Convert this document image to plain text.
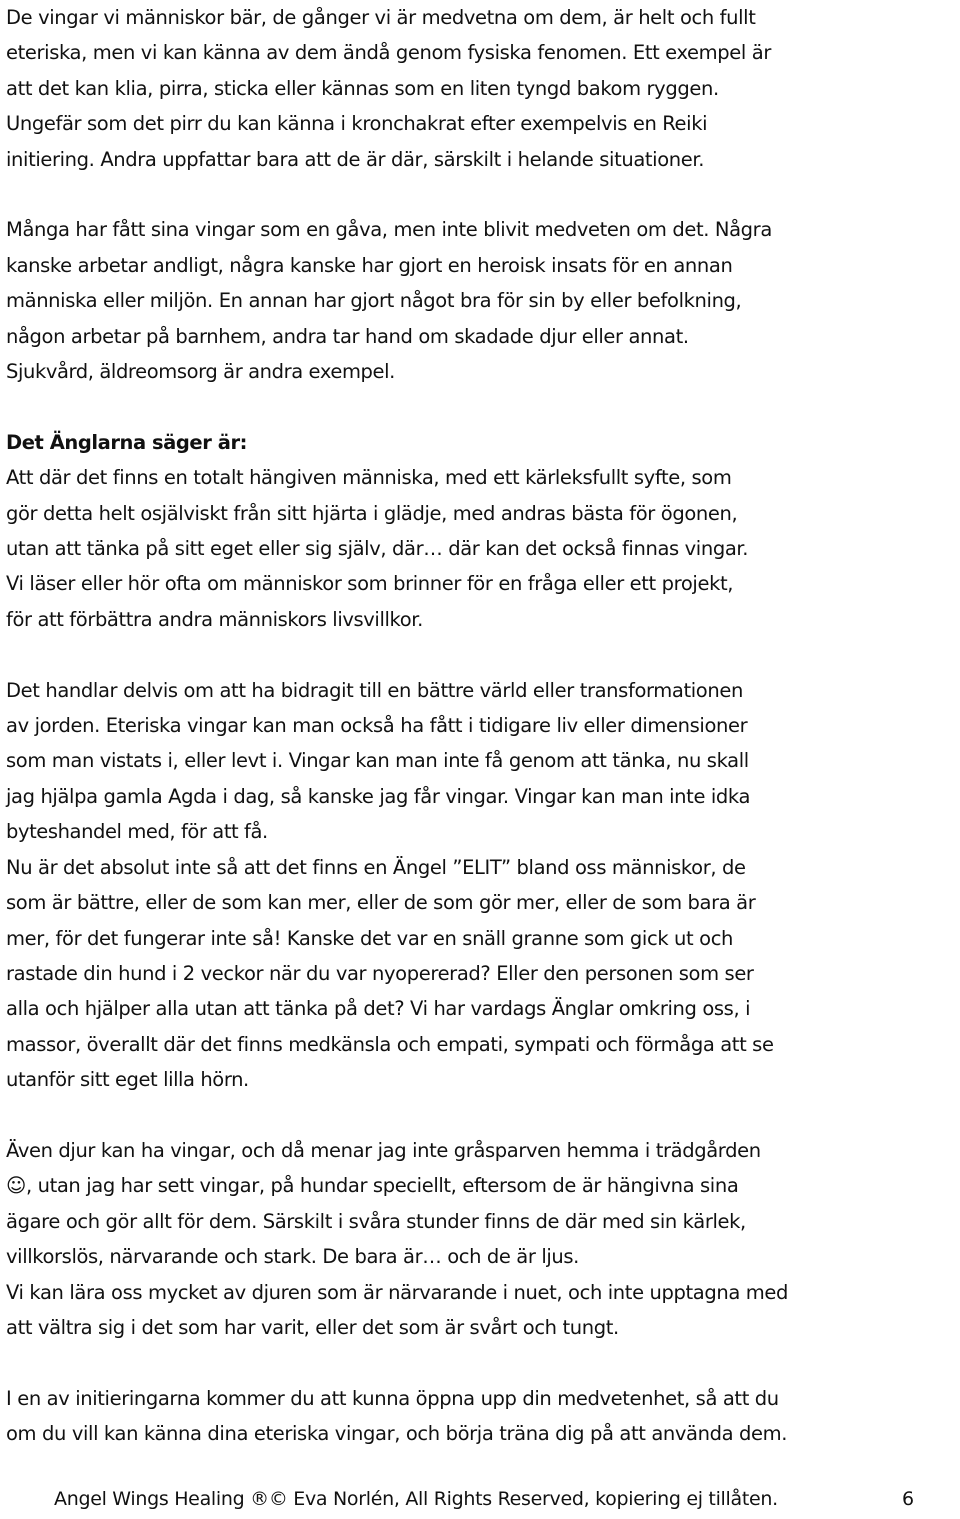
De vingar vi människor bär, de gånger vi är medvetna om dem, är helt och fullt
eteriska, men vi kan känna av dem ändå genom fysiska fenomen. Ett exempel är
att det kan klia, pirra, sticka eller kännas som en liten tyngd bakom ryggen.
Ungefär som det pirr du kan känna i kronchakrat efter exempelvis en Reiki
initiering. Andra uppfattar bara att de är där, särskilt i helande situationer.
Många har fått sina vingar som en gåva, men inte blivit medveten om det. Några
kanske arbetar andligt, några kanske har gjort en heroisk insats för en annan
människa eller miljön. En annan har gjort något bra för sin by eller befolkning,
någon arbetar på barnhem, andra tar hand om skadade djur eller annat.
Sjukvård, äldreomsorg är andra exempel.
Det Änglarna säger är:
Att där det finns en totalt hängiven människa, med ett kärleksfullt syfte, som
gör detta helt osjälviskt från sitt hjärta i glädje, med andras bästa för ögonen,
utan att tänka på sitt eget eller sig själv, där… där kan det också finnas vingar.
Vi läser eller hör ofta om människor som brinner för en fråga eller ett projekt,
för att förbättra andra människors livsvillkor.
Det handlar delvis om att ha bidragit till en bättre värld eller transformationen
av jorden. Eteriska vingar kan man också ha fått i tidigare liv eller dimensioner
som man vistats i, eller levt i. Vingar kan man inte få genom att tänka, nu skall
jag hjälpa gamla Agda i dag, så kanske jag får vingar. Vingar kan man inte idka
byteshandel med, för att få.
Nu är det absolut inte så att det finns en Ängel ”ELIT” bland oss människor, de
som är bättre, eller de som kan mer, eller de som gör mer, eller de som bara är
mer, för det fungerar inte så! Kanske det var en snäll granne som gick ut och
rastade din hund i 2 veckor när du var nyopererad? Eller den personen som ser
alla och hjälper alla utan att tänka på det? Vi har vardags Änglar omkring oss, i
massor, överallt där det finns medkänsla och empati, sympati och förmåga att se
utanför sitt eget lilla hörn.
Även djur kan ha vingar, och då menar jag inte gråsparven hemma i trädgården
☺, utan jag har sett vingar, på hundar speciellt, eftersom de är hängivna sina
ägare och gör allt för dem. Särskilt i svåra stunder finns de där med sin kärlek,
villkorslös, närvarande och stark. De bara är… och de är ljus.
Vi kan lära oss mycket av djuren som är närvarande i nuet, och inte upptagna med
att vältra sig i det som har varit, eller det som är svårt och tungt.
I en av initieringarna kommer du att kunna öppna upp din medvetenhet, så att du
om du vill kan känna dina eteriska vingar, och börja träna dig på att använda dem.
Angel Wings Healing ®© Eva Norlén, All Rights Reserved, kopiering ej tillåten.	6
